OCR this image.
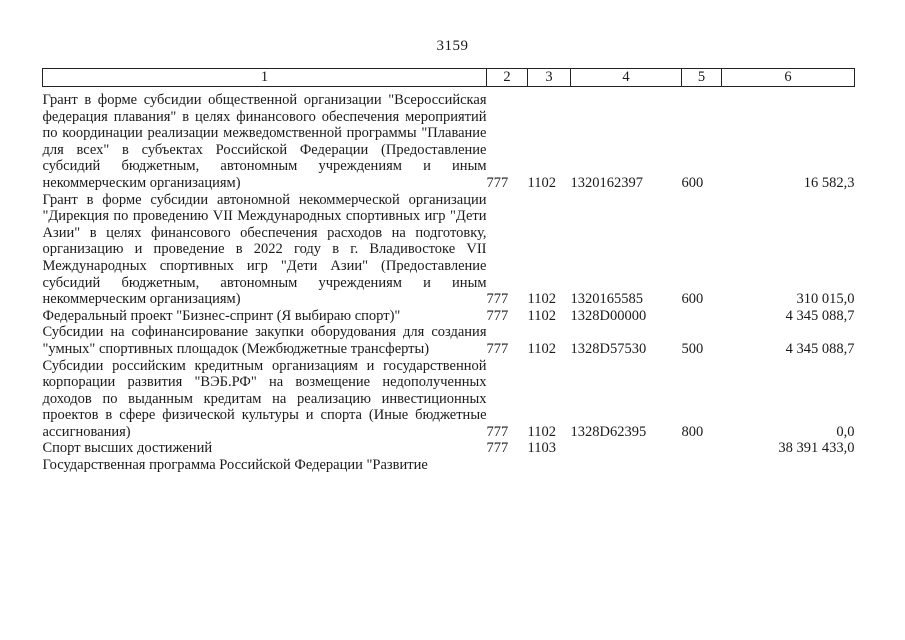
3159
1	2	3	4	5	6

Грант в форме субсидии общественной организации "Всероссийская федерация плавания" в целях финансового обеспечения мероприятий по координации реализации межведомственной программы "Плавание для всех" в субъектах Российской Федерации (Предоставление субсидий бюджетным, автономным учреждениям и иным некоммерческим организациям)	777	1102	1320162397	600	16 582,3
Грант в форме субсидии автономной некоммерческой организации "Дирекция по проведению VII Международных спортивных игр "Дети Азии" в целях финансового обеспечения расходов на подготовку, организацию и проведение в 2022 году в г. Владивостоке VII Международных спортивных игр "Дети Азии" (Предоставление субсидий бюджетным, автономным учреждениям и иным некоммерческим организациям)	777	1102	1320165585	600	310 015,0
Федеральный проект "Бизнес-спринт (Я выбираю спорт)"	777	1102	1328D00000		4 345 088,7
Субсидии на софинансирование закупки оборудования для создания "умных" спортивных площадок (Межбюджетные трансферты)	777	1102	1328D57530	500	4 345 088,7
Субсидии российским кредитным организациям и государственной корпорации развития "ВЭБ.РФ" на возмещение недополученных доходов по выданным кредитам на реализацию инвестиционных проектов в сфере физической культуры и спорта (Иные бюджетные ассигнования)	777	1102	1328D62395	800	0,0
Спорт высших достижений	777	1103			38 391 433,0
Государственная программа Российской Федерации "Развитие					
